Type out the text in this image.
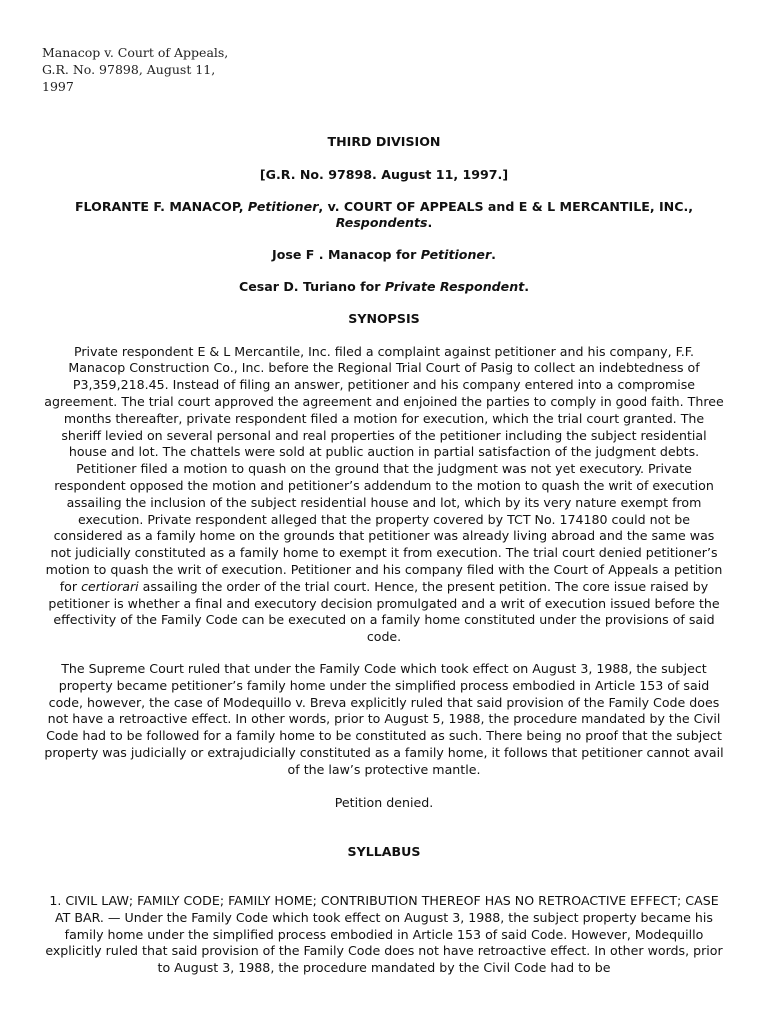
Manacop v. Court of Appeals,
G.R. No. 97898, August 11,
1997

THIRD DIVISION

[G.R. No. 97898. August 11, 1997.]

FLORANTE F. MANACOP, Petitioner, v. COURT OF APPEALS and E & L MERCANTILE, INC., Respondents.

Jose F . Manacop for Petitioner.

Cesar D. Turiano for Private Respondent.

SYNOPSIS

Private respondent E & L Mercantile, Inc. filed a complaint against petitioner and his company, F.F. Manacop Construction Co., Inc. before the Regional Trial Court of Pasig to collect an indebtedness of P3,359,218.45. Instead of filing an answer, petitioner and his company entered into a compromise agreement. The trial court approved the agreement and enjoined the parties to comply in good faith. Three months thereafter, private respondent filed a motion for execution, which the trial court granted. The sheriff levied on several personal and real properties of the petitioner including the subject residential house and lot. The chattels were sold at public auction in partial satisfaction of the judgment debts. Petitioner filed a motion to quash on the ground that the judgment was not yet executory. Private respondent opposed the motion and petitioner’s addendum to the motion to quash the writ of execution assailing the inclusion of the subject residential house and lot, which by its very nature exempt from execution. Private respondent alleged that the property covered by TCT No. 174180 could not be considered as a family home on the grounds that petitioner was already living abroad and the same was not judicially constituted as a family home to exempt it from execution. The trial court denied petitioner’s motion to quash the writ of execution. Petitioner and his company filed with the Court of Appeals a petition for certiorari assailing the order of the trial court. Hence, the present petition. The core issue raised by petitioner is whether a final and executory decision promulgated and a writ of execution issued before the effectivity of the Family Code can be executed on a family home constituted under the provisions of said code.

The Supreme Court ruled that under the Family Code which took effect on August 3, 1988, the subject property became petitioner’s family home under the simplified process embodied in Article 153 of said code, however, the case of Modequillo v. Breva explicitly ruled that said provision of the Family Code does not have a retroactive effect. In other words, prior to August 5, 1988, the procedure mandated by the Civil Code had to be followed for a family home to be constituted as such. There being no proof that the subject property was judicially or extrajudicially constituted as a family home, it follows that petitioner cannot avail of the law’s protective mantle.

Petition denied.

SYLLABUS

1. CIVIL LAW; FAMILY CODE; FAMILY HOME; CONTRIBUTION THEREOF HAS NO RETROACTIVE EFFECT; CASE AT BAR. — Under the Family Code which took effect on August 3, 1988, the subject property became his family home under the simplified process embodied in Article 153 of said Code. However, Modequillo explicitly ruled that said provision of the Family Code does not have retroactive effect. In other words, prior to August 3, 1988, the procedure mandated by the Civil Code had to be
